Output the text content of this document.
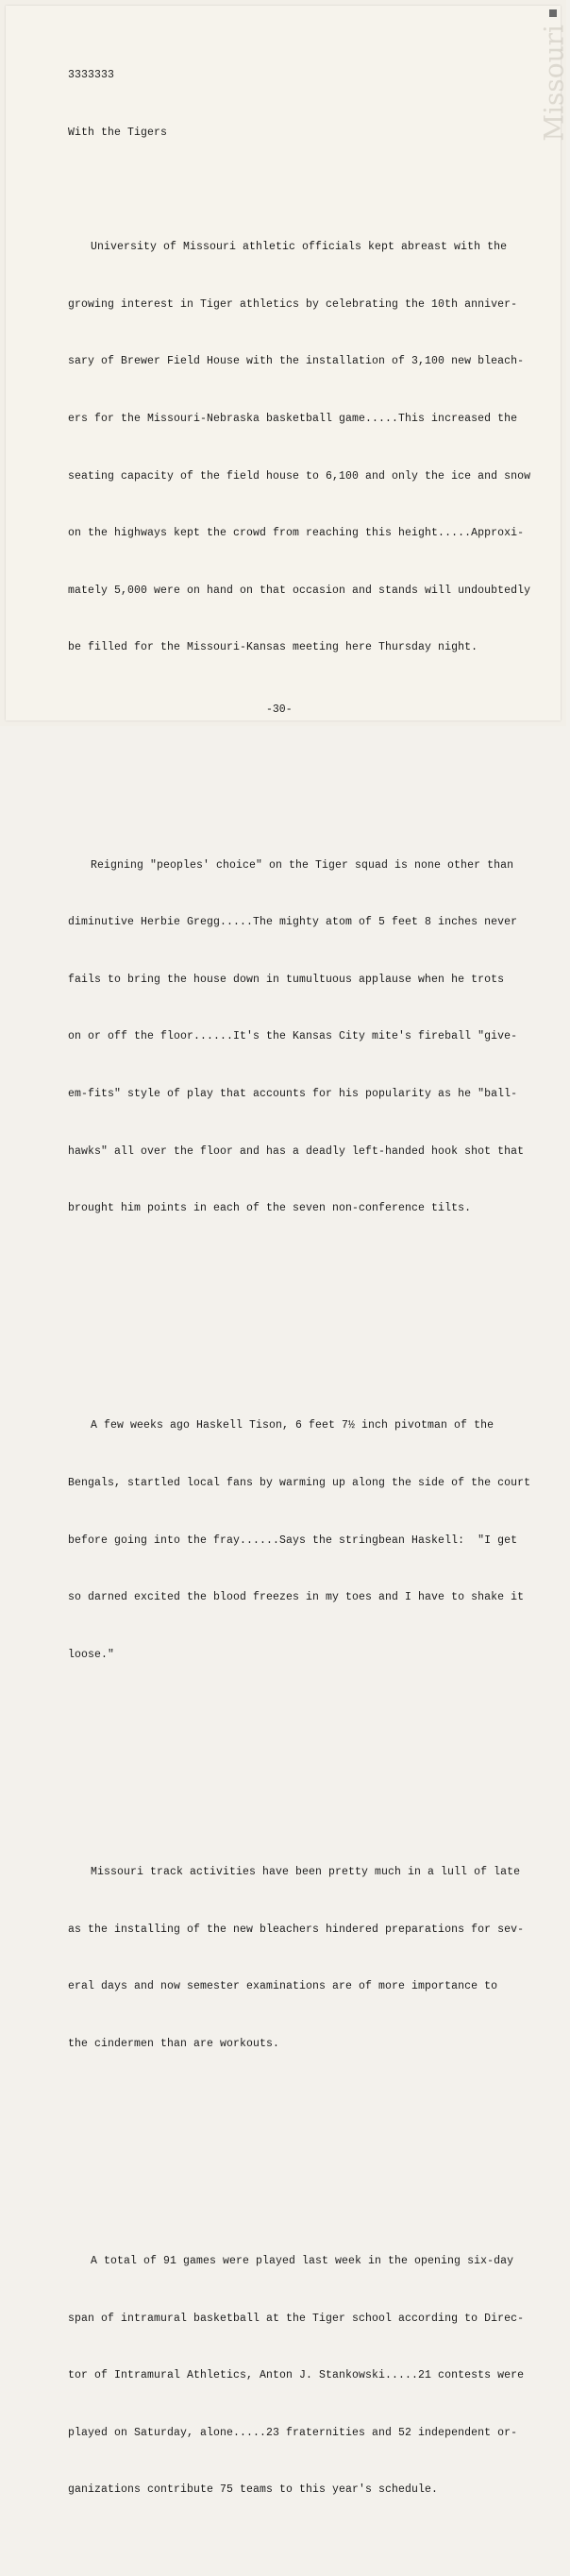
Missouri

3333333

With the Tigers

University of Missouri athletic officials kept abreast with the

growing interest in Tiger athletics by celebrating the 10th anniver-

sary of Brewer Field House with the installation of 3,100 new bleach-

ers for the Missouri-Nebraska basketball game.....This increased the

seating capacity of the field house to 6,100 and only the ice and snow

on the highways kept the crowd from reaching this height.....Approxi-

mately 5,000 were on hand on that occasion and stands will undoubtedly

be filled for the Missouri-Kansas meeting here Thursday night.

Reigning "peoples' choice" on the Tiger squad is none other than

diminutive Herbie Gregg.....The mighty atom of 5 feet 8 inches never

fails to bring the house down in tumultuous applause when he trots

on or off the floor......It's the Kansas City mite's fireball "give-

em-fits" style of play that accounts for his popularity as he "ball-

hawks" all over the floor and has a deadly left-handed hook shot that

brought him points in each of the seven non-conference tilts.

A few weeks ago Haskell Tison, 6 feet 7½ inch pivotman of the

Bengals, startled local fans by warming up along the side of the court

before going into the fray......Says the stringbean Haskell:  "I get

so darned excited the blood freezes in my toes and I have to shake it

loose."

Missouri track activities have been pretty much in a lull of late

as the installing of the new bleachers hindered preparations for sev-

eral days and now semester examinations are of more importance to

the cindermen than are workouts.

A total of 91 games were played last week in the opening six-day

span of intramural basketball at the Tiger school according to Direc-

tor of Intramural Athletics, Anton J. Stankowski.....21 contests were

played on Saturday, alone.....23 fraternities and 52 independent or-

ganizations contribute 75 teams to this year's schedule.

-30-
